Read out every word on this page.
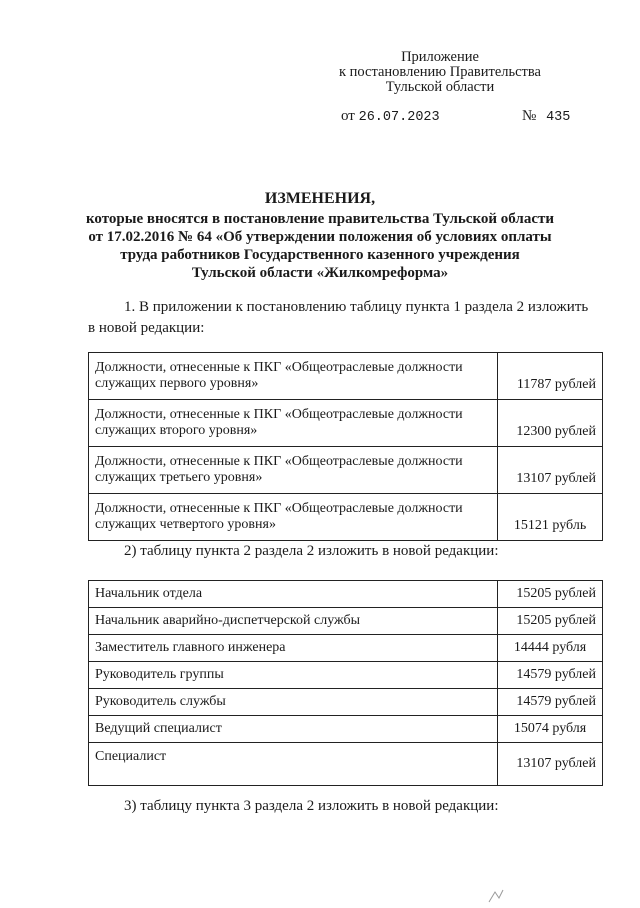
Приложение
к постановлению Правительства
Тульской области
от 26.07.2023	№ 435
ИЗМЕНЕНИЯ,
которые вносятся в постановление правительства Тульской области
от 17.02.2016 № 64 «Об утверждении положения об условиях оплаты
труда работников Государственного казенного учреждения
Тульской области «Жилкомреформа»
1. В приложении к постановлению таблицу пункта 1 раздела 2 изложить
в новой редакции:
Должности, отнесенные к ПКГ «Общеотраслевые должности
служащих первого уровня»	11787 рублей

Должности, отнесенные к ПКГ «Общеотраслевые должности
служащих второго уровня»	12300 рублей

Должности, отнесенные к ПКГ «Общеотраслевые должности
служащих третьего уровня»	13107 рублей

Должности, отнесенные к ПКГ «Общеотраслевые должности
служащих четвертого уровня»	15121 рубль
2) таблицу пункта 2 раздела 2 изложить в новой редакции:
Начальник отдела	15205 рублей
Начальник аварийно-диспетчерской службы	15205 рублей
Заместитель главного инженера	14444 рубля
Руководитель группы	14579 рублей
Руководитель службы	14579 рублей
Ведущий специалист	15074 рубля
Специалист	13107 рублей
3) таблицу пункта 3 раздела 2 изложить в новой редакции:
